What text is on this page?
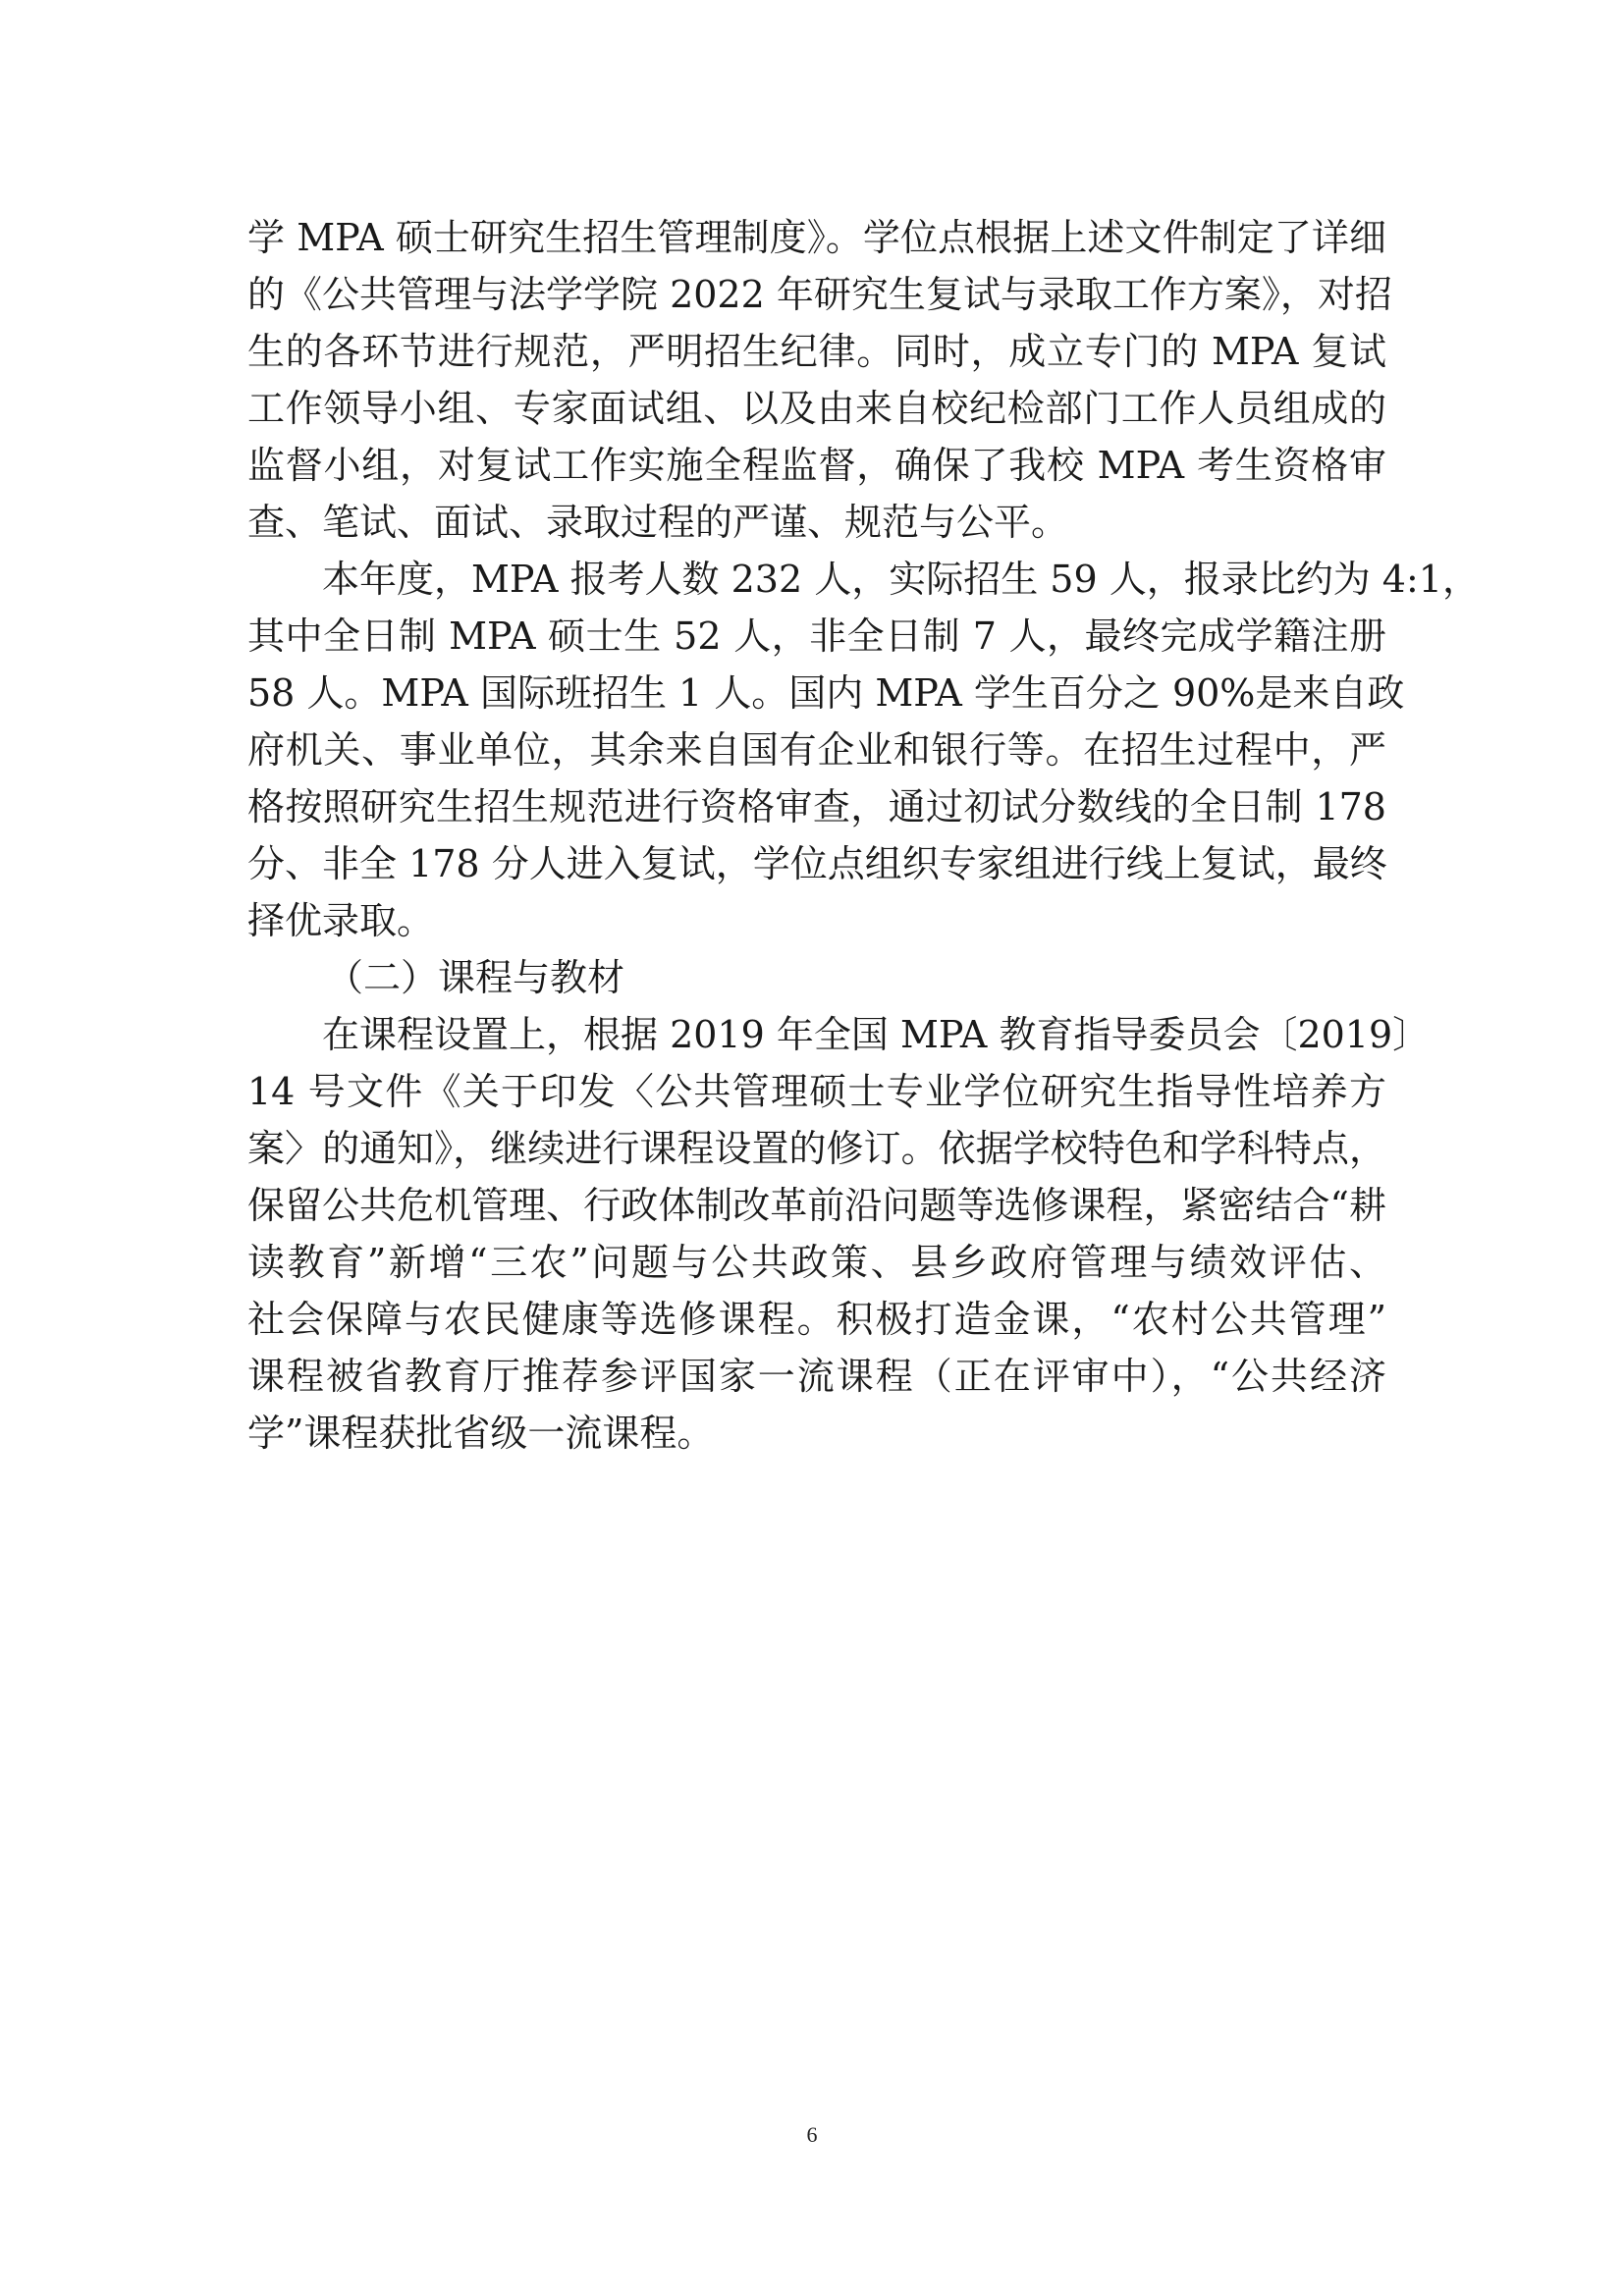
学 MPA 硕士研究生招生管理制度》。学位点根据上述文件制定了详细
的《公共管理与法学学院 2022 年研究生复试与录取工作方案》，对招
生的各环节进行规范，严明招生纪律。同时，成立专门的 MPA 复试
工作领导小组、专家面试组、以及由来自校纪检部门工作人员组成的
监督小组，对复试工作实施全程监督，确保了我校 MPA 考生资格审
查、笔试、面试、录取过程的严谨、规范与公平。
本年度，MPA 报考人数 232 人，实际招生 59 人，报录比约为 4:1，
其中全日制 MPA 硕士生 52 人，非全日制 7 人，最终完成学籍注册
58 人。MPA 国际班招生 1 人。国内 MPA 学生百分之 90%是来自政
府机关、事业单位，其余来自国有企业和银行等。在招生过程中，严
格按照研究生招生规范进行资格审查，通过初试分数线的全日制 178
分、非全 178 分人进入复试，学位点组织专家组进行线上复试，最终
择优录取。
（二）课程与教材
在课程设置上，根据 2019 年全国 MPA 教育指导委员会〔2019〕
14 号文件《关于印发〈公共管理硕士专业学位研究生指导性培养方
案〉的通知》，继续进行课程设置的修订。依据学校特色和学科特点，
保留公共危机管理、行政体制改革前沿问题等选修课程，紧密结合“耕
读教育”新增“三农”问题与公共政策、县乡政府管理与绩效评估、
社会保障与农民健康等选修课程。积极打造金课，“农村公共管理”
课程被省教育厅推荐参评国家一流课程（正在评审中），“公共经济
学”课程获批省级一流课程。
6
